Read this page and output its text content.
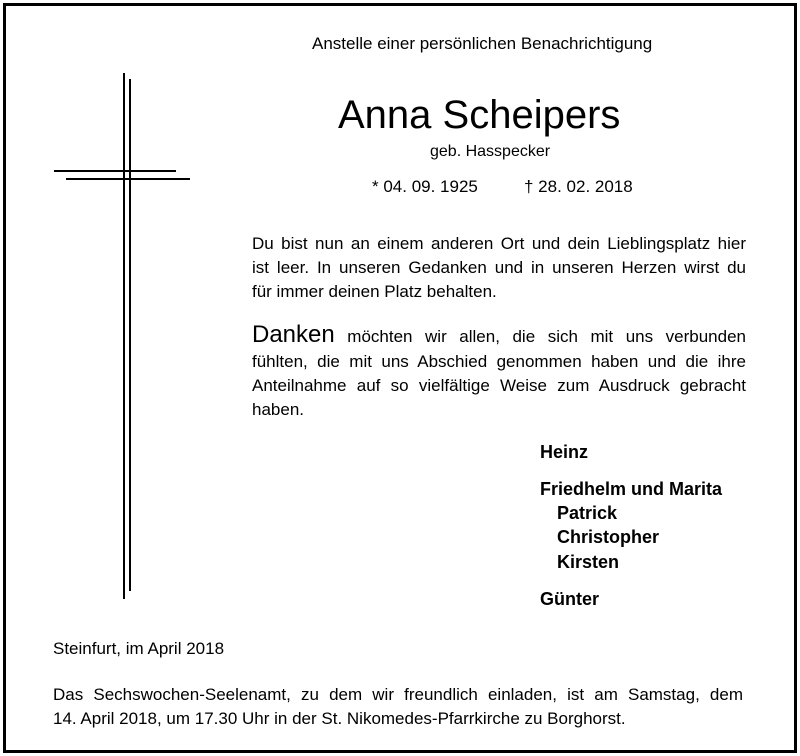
Anstelle einer persönlichen Benachrichtigung
Anna Scheipers
geb. Hasspecker
* 04. 09. 1925	† 28. 02. 2018
Du bist nun an einem anderen Ort und dein Lieblingsplatz hier
ist leer. In unseren Gedanken und in unseren Herzen wirst du
für immer deinen Platz behalten.
Danken möchten wir allen, die sich mit uns verbunden
fühlten, die mit uns Abschied genommen haben und die ihre
Anteilnahme auf so vielfältige Weise zum Ausdruck gebracht
haben.
Heinz
Friedhelm und Marita
Patrick
Christopher
Kirsten
Günter
Steinfurt, im April 2018
Das Sechswochen-Seelenamt, zu dem wir freundlich einladen, ist am Samstag, dem
14. April 2018, um 17.30 Uhr in der St. Nikomedes-Pfarrkirche zu Borghorst.
